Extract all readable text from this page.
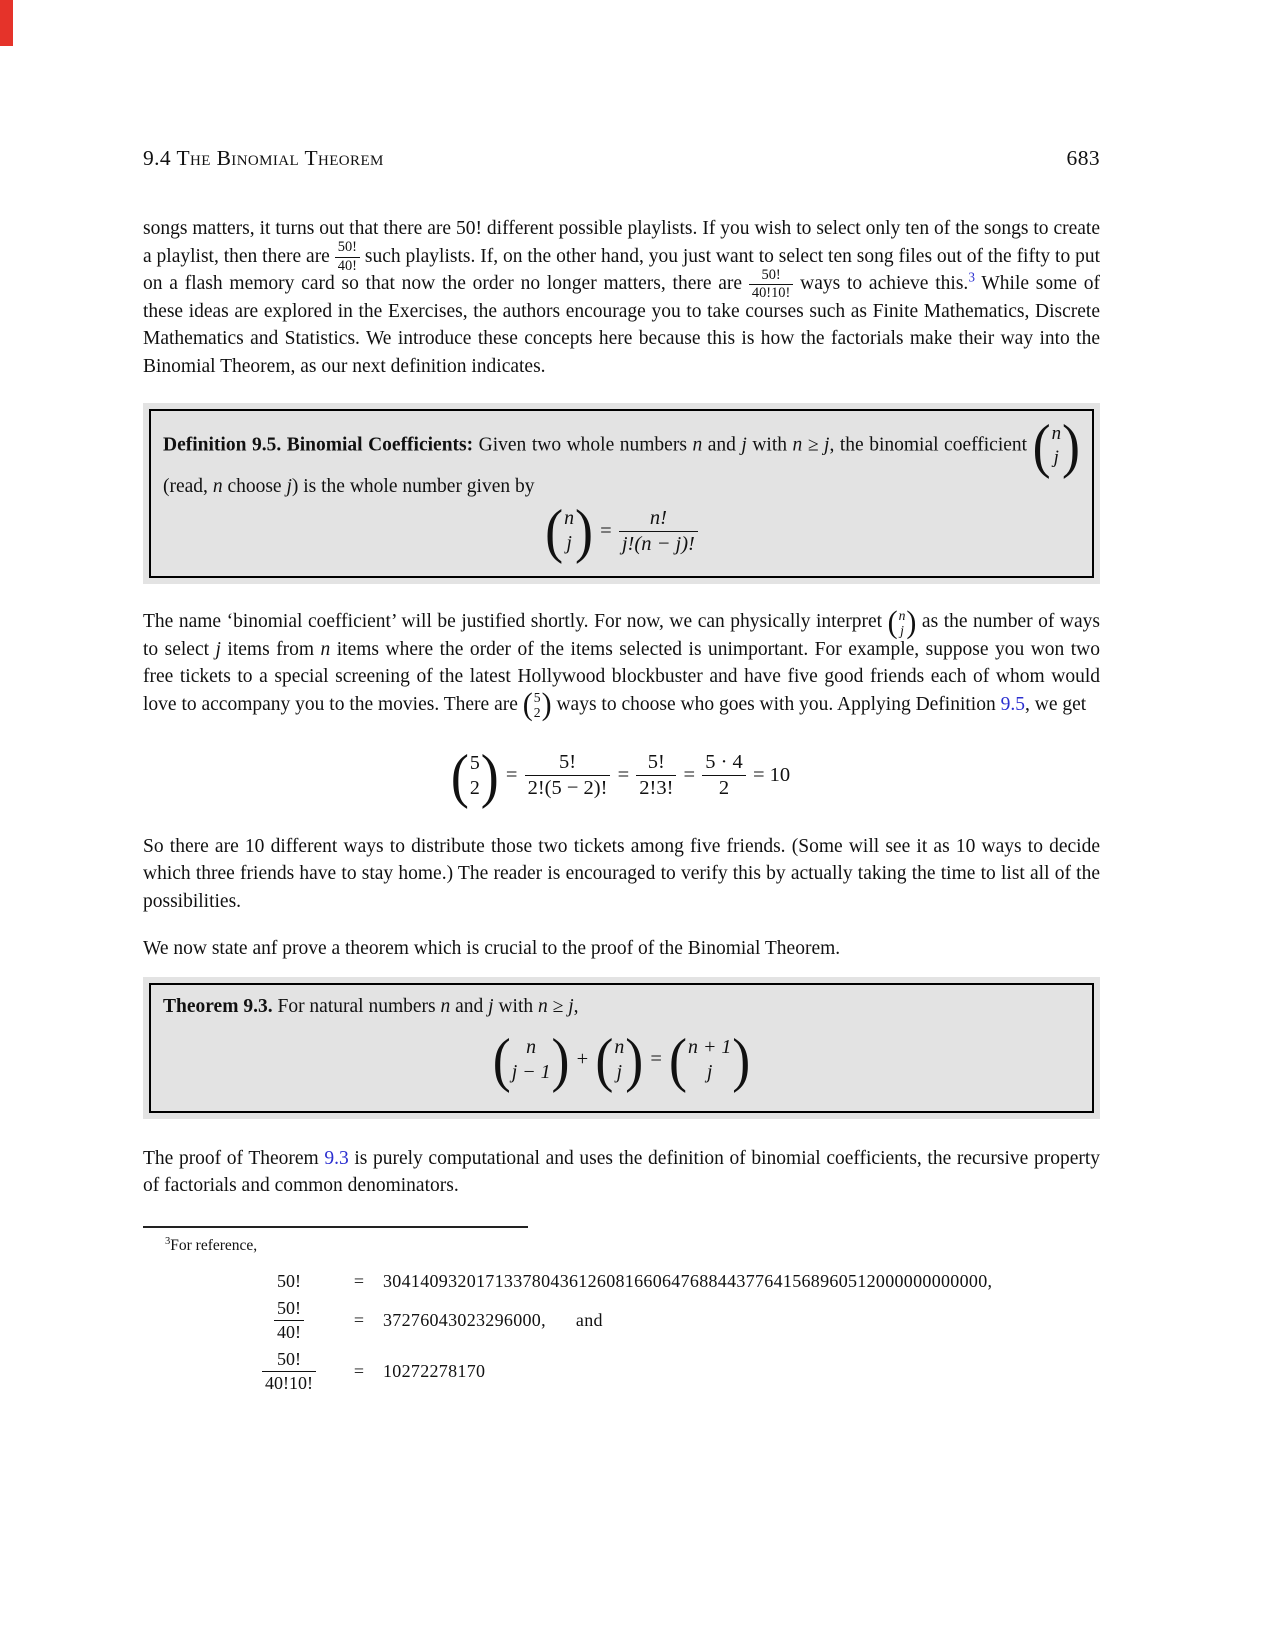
9.4 The Binomial Theorem	683

songs matters, it turns out that there are 50! different possible playlists. If you wish to select only ten of the songs to create a playlist, then there are $\frac{50!}{40!}$ such playlists. If, on the other hand, you just want to select ten song files out of the fifty to put on a flash memory card so that now the order no longer matters, there are $\frac{50!}{40!10!}$ ways to achieve this.$^3$ While some of these ideas are explored in the Exercises, the authors encourage you to take courses such as Finite Mathematics, Discrete Mathematics and Statistics. We introduce these concepts here because this is how the factorials make their way into the Binomial Theorem, as our next definition indicates.

Definition 9.5. Binomial Coefficients: Given two whole numbers n and j with n ≥ j, the binomial coefficient ( n
j )
(read, n choose j) is the whole number given by

( n
j ) = $\frac{n!}{j!(n - j)!}$

The name ‘binomial coefficient’ will be justified shortly. For now, we can physically interpret ( n
j ) as the number of ways to select j items from n items where the order of the items selected is unimportant. For example, suppose you won two free tickets to a special screening of the latest Hollywood blockbuster and have five good friends each of whom would love to accompany you to the movies. There are ( 5
2 ) ways to choose who goes with you. Applying Definition 9.5, we get

( 5
2 ) = $\frac{5!}{2!(5 - 2)!} = \frac{5!}{2!3!} = \frac{5 \cdot 4}{2} = 10$

So there are 10 different ways to distribute those two tickets among five friends. (Some will see it as 10 ways to decide which three friends have to stay home.) The reader is encouraged to verify this by actually taking the time to list all of the possibilities.

We now state anf prove a theorem which is crucial to the proof of the Binomial Theorem.

Theorem 9.3. For natural numbers n and j with n ≥ j,

( n
j − 1 ) + ( n
j ) = ( n + 1
j )

The proof of Theorem 9.3 is purely computational and uses the definition of binomial coefficients, the recursive property of factorials and common denominators.

$^3$For reference,
50!	= 30414093201713378043612608166064768844377641568960512000000000000,
$\frac{50!}{40!}$	= 37276043023296000, and
$\frac{50!}{40!10!} = 10272278170$
